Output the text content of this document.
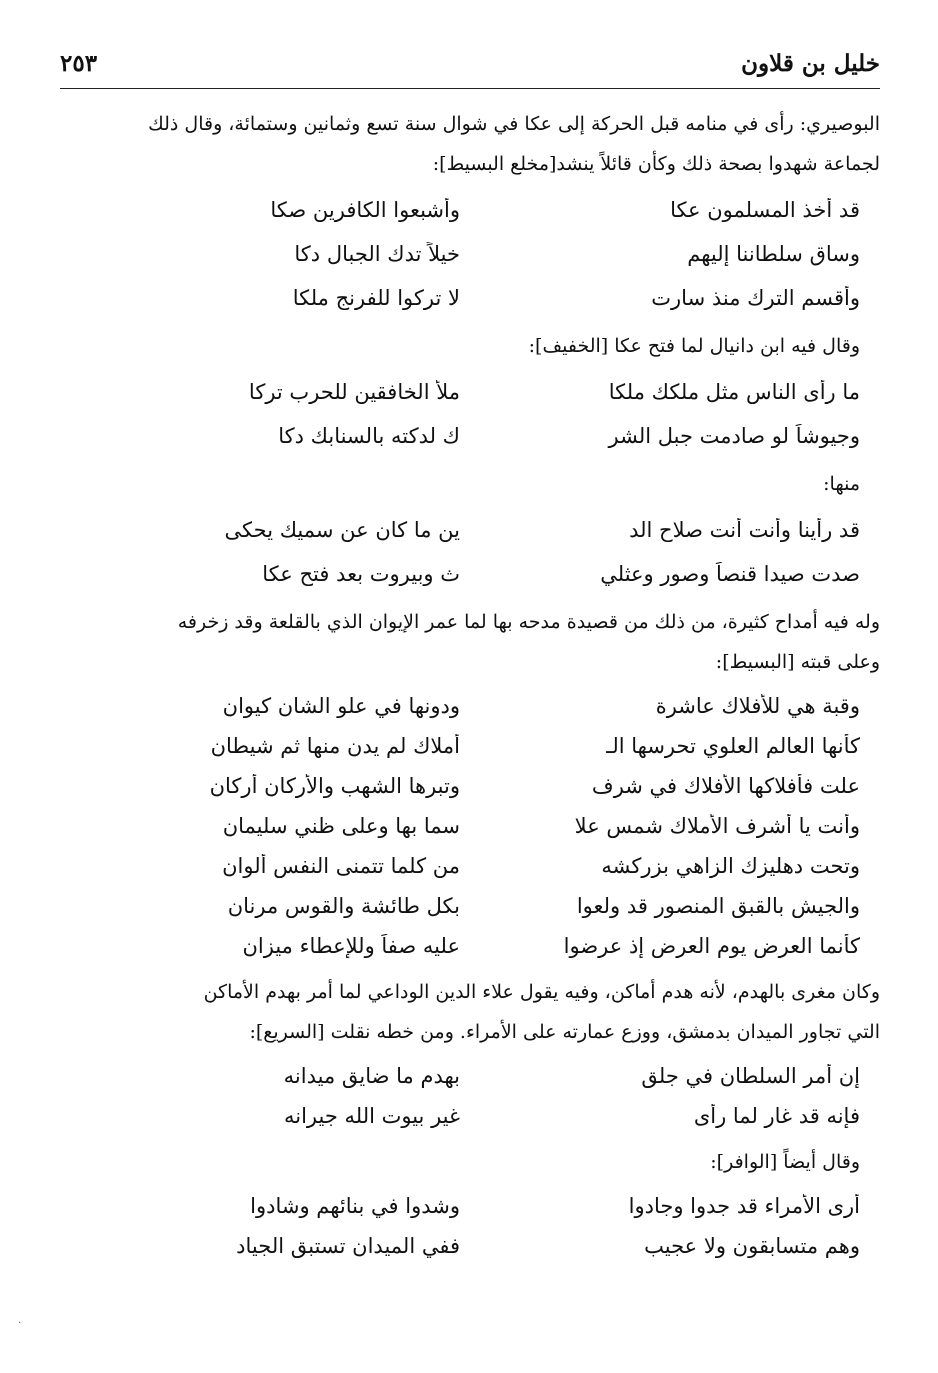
خليل بن قلاون
٢٥٣

البوصيري: رأى في منامه قبل الحركة إلى عكا في شوال سنة تسع وثمانين وستمائة، وقال ذلك
لجماعة شهدوا بصحة ذلك وكأن قائلاً ينشد[مخلع البسيط]:

قد أخذ المسلمون عكا
وأشبعوا الكافرين صكا
وساق سلطاننا إليهم
خيلاً تدك الجبال دكا
وأقسم الترك منذ سارت
لا تركوا للفرنج ملكا

وقال فيه ابن دانيال لما فتح عكا [الخفيف]:

ما رأى الناس مثل ملكك ملكا
ملأ الخافقين للحرب تركا
وجيوشاً لو صادمت جبل الشر
ك لدكته بالسنابك دكا

منها:

قد رأينا وأنت أنت صلاح الد
ين ما كان عن سميك يحكى
صدت صيدا قنصاً وصور وعثلي
ث وبيروت بعد فتح عكا

وله فيه أمداح كثيرة، من ذلك من قصيدة مدحه بها لما عمر الإيوان الذي بالقلعة وقد زخرفه
وعلى قبته [البسيط]:

وقبة هي للأفلاك عاشرة
ودونها في علو الشان كيوان
كأنها العالم العلوي تحرسها الـ
أملاك لم يدن منها ثم شيطان
علت فأفلاكها الأفلاك في شرف
وتبرها الشهب والأركان أركان
وأنت يا أشرف الأملاك شمس علا
سما بها وعلى ظني سليمان
وتحت دهليزك الزاهي بزركشه
من كلما تتمنى النفس ألوان
والجيش بالقبق المنصور قد ولعوا
بكل طائشة والقوس مرنان
كأنما العرض يوم العرض إذ عرضوا
عليه صفاً وللإعطاء ميزان

وكان مغرى بالهدم، لأنه هدم أماكن، وفيه يقول علاء الدين الوداعي لما أمر بهدم الأماكن
التي تجاور الميدان بدمشق، ووزع عمارته على الأمراء. ومن خطه نقلت [السريع]:

إن أمر السلطان في جلق
بهدم ما ضايق ميدانه
فإنه قد غار لما رأى
غير بيوت الله جيرانه

وقال أيضاً [الوافر]:

أرى الأمراء قد جدوا وجادوا
وشدوا في بنائهم وشادوا
وهم متسابقون ولا عجيب
ففي الميدان تستبق الجياد
·
